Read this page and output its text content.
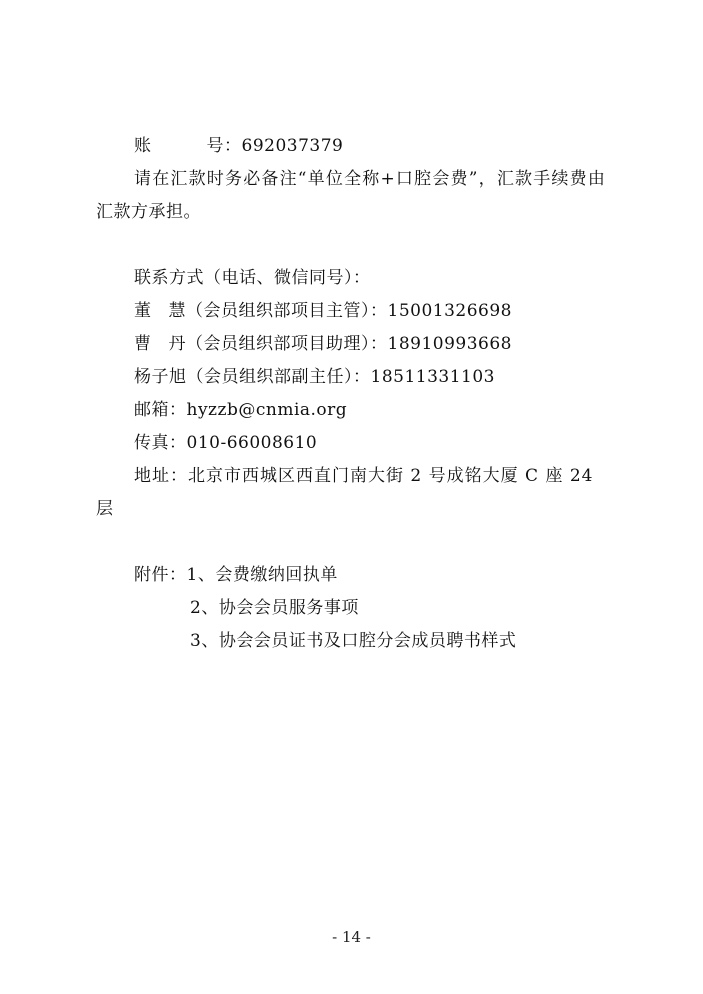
账	号：692037379
请在汇款时务必备注“单位全称+口腔会费”，汇款手续费由
汇款方承担。
联系方式（电话、微信同号）：
董 慧（会员组织部项目主管）：15001326698
曹 丹（会员组织部项目助理）：18910993668
杨子旭（会员组织部副主任）：18511331103
邮箱：hyzzb@cnmia.org
传真：010-66008610
地址：北京市西城区西直门南大街 2 号成铭大厦 C 座 24
层
附件：1、会费缴纳回执单
2、协会会员服务事项
3、协会会员证书及口腔分会成员聘书样式
- 14 -
